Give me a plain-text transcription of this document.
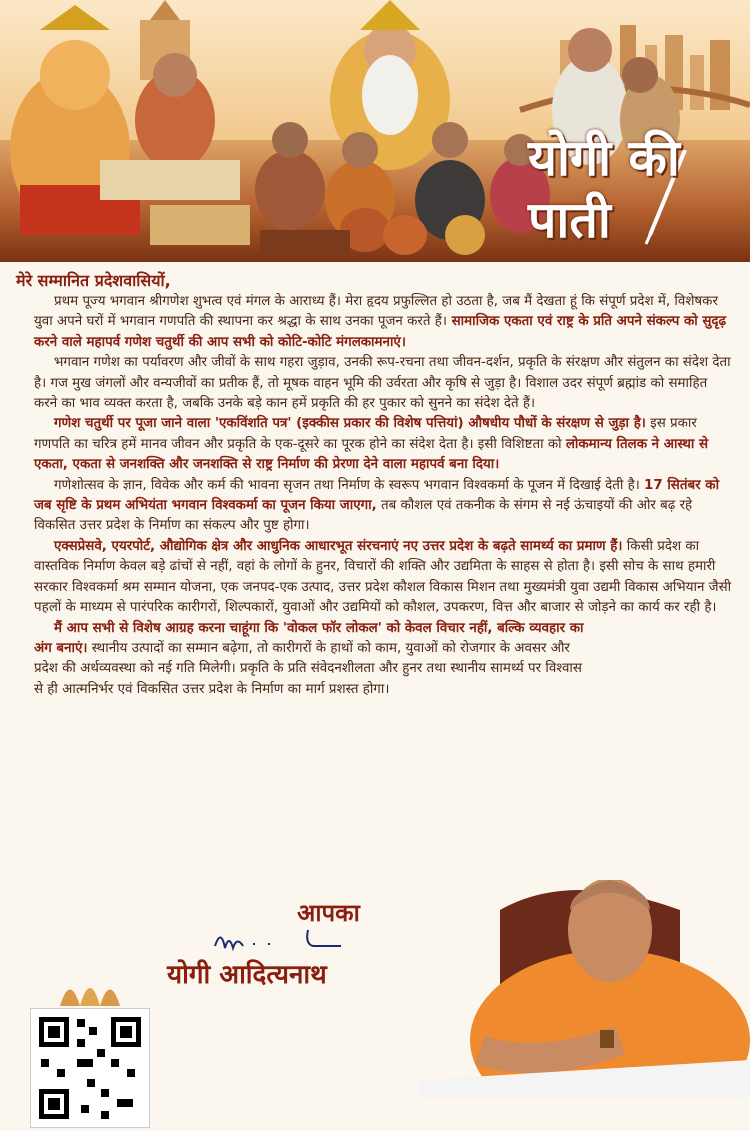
योगी की
पाती

मेरे सम्मानित प्रदेशवासियों,

प्रथम पूज्य भगवान श्रीगणेश शुभत्व एवं मंगल के आराध्य हैं। मेरा हृदय प्रफुल्लित हो उठता है, जब मैं देखता हूं कि संपूर्ण प्रदेश में, विशेषकर युवा अपने घरों में भगवान गणपति की स्थापना कर श्रद्धा के साथ उनका पूजन करते हैं। सामाजिक एकता एवं राष्ट्र के प्रति अपने संकल्प को सुदृढ़ करने वाले महापर्व गणेश चतुर्थी की आप सभी को कोटि-कोटि मंगलकामनाएं।

भगवान गणेश का पर्यावरण और जीवों के साथ गहरा जुड़ाव, उनकी रूप-रचना तथा जीवन-दर्शन, प्रकृति के संरक्षण और संतुलन का संदेश देता है। गज मुख जंगलों और वन्यजीवों का प्रतीक हैं, तो मूषक वाहन भूमि की उर्वरता और कृषि से जुड़ा है। विशाल उदर संपूर्ण ब्रह्मांड को समाहित करने का भाव व्यक्त करता है, जबकि उनके बड़े कान हमें प्रकृति की हर पुकार को सुनने का संदेश देते हैं।

गणेश चतुर्थी पर पूजा जाने वाला 'एकविंशति पत्र' (इक्कीस प्रकार की विशेष पत्तियां) औषधीय पौधों के संरक्षण से जुड़ा है। इस प्रकार गणपति का चरित्र हमें मानव जीवन और प्रकृति के एक-दूसरे का पूरक होने का संदेश देता है। इसी विशिष्टता को लोकमान्य तिलक ने आस्था से एकता, एकता से जनशक्ति और जनशक्ति से राष्ट्र निर्माण की प्रेरणा देने वाला महापर्व बना दिया।

गणेशोत्सव के ज्ञान, विवेक और कर्म की भावना सृजन तथा निर्माण के स्वरूप भगवान विश्वकर्मा के पूजन में दिखाई देती है। 17 सितंबर को जब सृष्टि के प्रथम अभियंता भगवान विश्वकर्मा का पूजन किया जाएगा, तब कौशल एवं तकनीक के संगम से नई ऊंचाइयों की ओर बढ़ रहे विकसित उत्तर प्रदेश के निर्माण का संकल्प और पुष्ट होगा।

एक्सप्रेसवे, एयरपोर्ट, औद्योगिक क्षेत्र और आधुनिक आधारभूत संरचनाएं नए उत्तर प्रदेश के बढ़ते सामर्थ्य का प्रमाण हैं। किसी प्रदेश का वास्तविक निर्माण केवल बड़े ढांचों से नहीं, वहां के लोगों के हुनर, विचारों की शक्ति और उद्यमिता के साहस से होता है। इसी सोच के साथ हमारी सरकार विश्वकर्मा श्रम सम्मान योजना, एक जनपद-एक उत्पाद, उत्तर प्रदेश कौशल विकास मिशन तथा मुख्यमंत्री युवा उद्यमी विकास अभियान जैसी पहलों के माध्यम से पारंपरिक कारीगरों, शिल्पकारों, युवाओं और उद्यमियों को कौशल, उपकरण, वित्त और बाजार से जोड़ने का कार्य कर रही है।

मैं आप सभी से विशेष आग्रह करना चाहूंगा कि 'वोकल फॉर लोकल' को केवल विचार नहीं, बल्कि व्यवहार का अंग बनाएं। स्थानीय उत्पादों का सम्मान बढ़ेगा, तो कारीगरों के हाथों को काम, युवाओं को रोजगार के अवसर और प्रदेश की अर्थव्यवस्था को नई गति मिलेगी। प्रकृति के प्रति संवेदनशीलता और हुनर तथा स्थानीय सामर्थ्य पर विश्वास से ही आत्मनिर्भर एवं विकसित उत्तर प्रदेश के निर्माण का मार्ग प्रशस्त होगा।

आपका
योगी आदित्यनाथ
